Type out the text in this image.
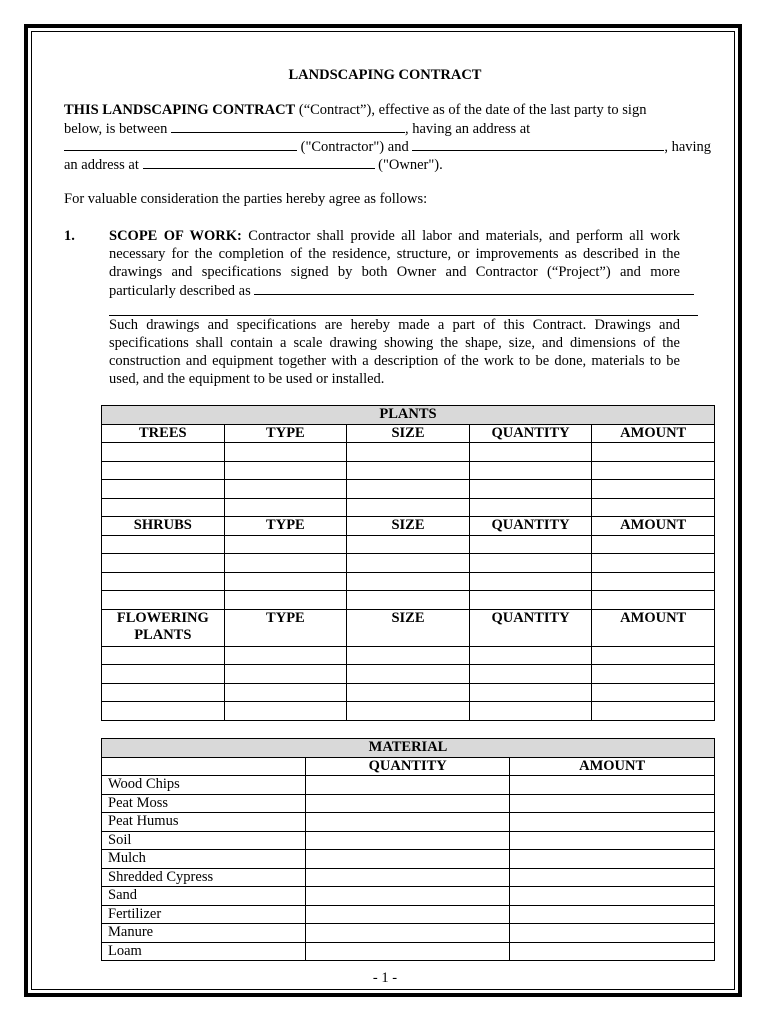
LANDSCAPING CONTRACT
THIS LANDSCAPING CONTRACT (“Contract”), effective as of the date of the last party to sign
below, is between	, having an address at
("Contractor") and	, having
an address at	("Owner").
For valuable consideration the parties hereby agree as follows:
1. SCOPE OF WORK: Contractor shall provide all labor and materials, and perform all work
necessary for the completion of the residence, structure, or improvements as described in the
drawings and specifications signed by both Owner and Contractor (“Project”) and more
particularly described as
Such drawings and specifications are hereby made a part of this Contract. Drawings and
specifications shall contain a scale drawing showing the shape, size, and dimensions of the
construction and equipment together with a description of the work to be done, materials to be
used, and the equipment to be used or installed.
PLANTS				
TREES	TYPE	SIZE	QUANTITY	AMOUNT

SHRUBS	TYPE	SIZE	QUANTITY	AMOUNT

FLOWERING PLANTS	TYPE	SIZE	QUANTITY	AMOUNT

MATERIAL		
	QUANTITY	AMOUNT
Wood Chips		
Peat Moss		
Peat Humus		
Soil		
Mulch		
Shredded Cypress		
Sand		
Fertilizer		
Manure		
Loam		
- 1 -
